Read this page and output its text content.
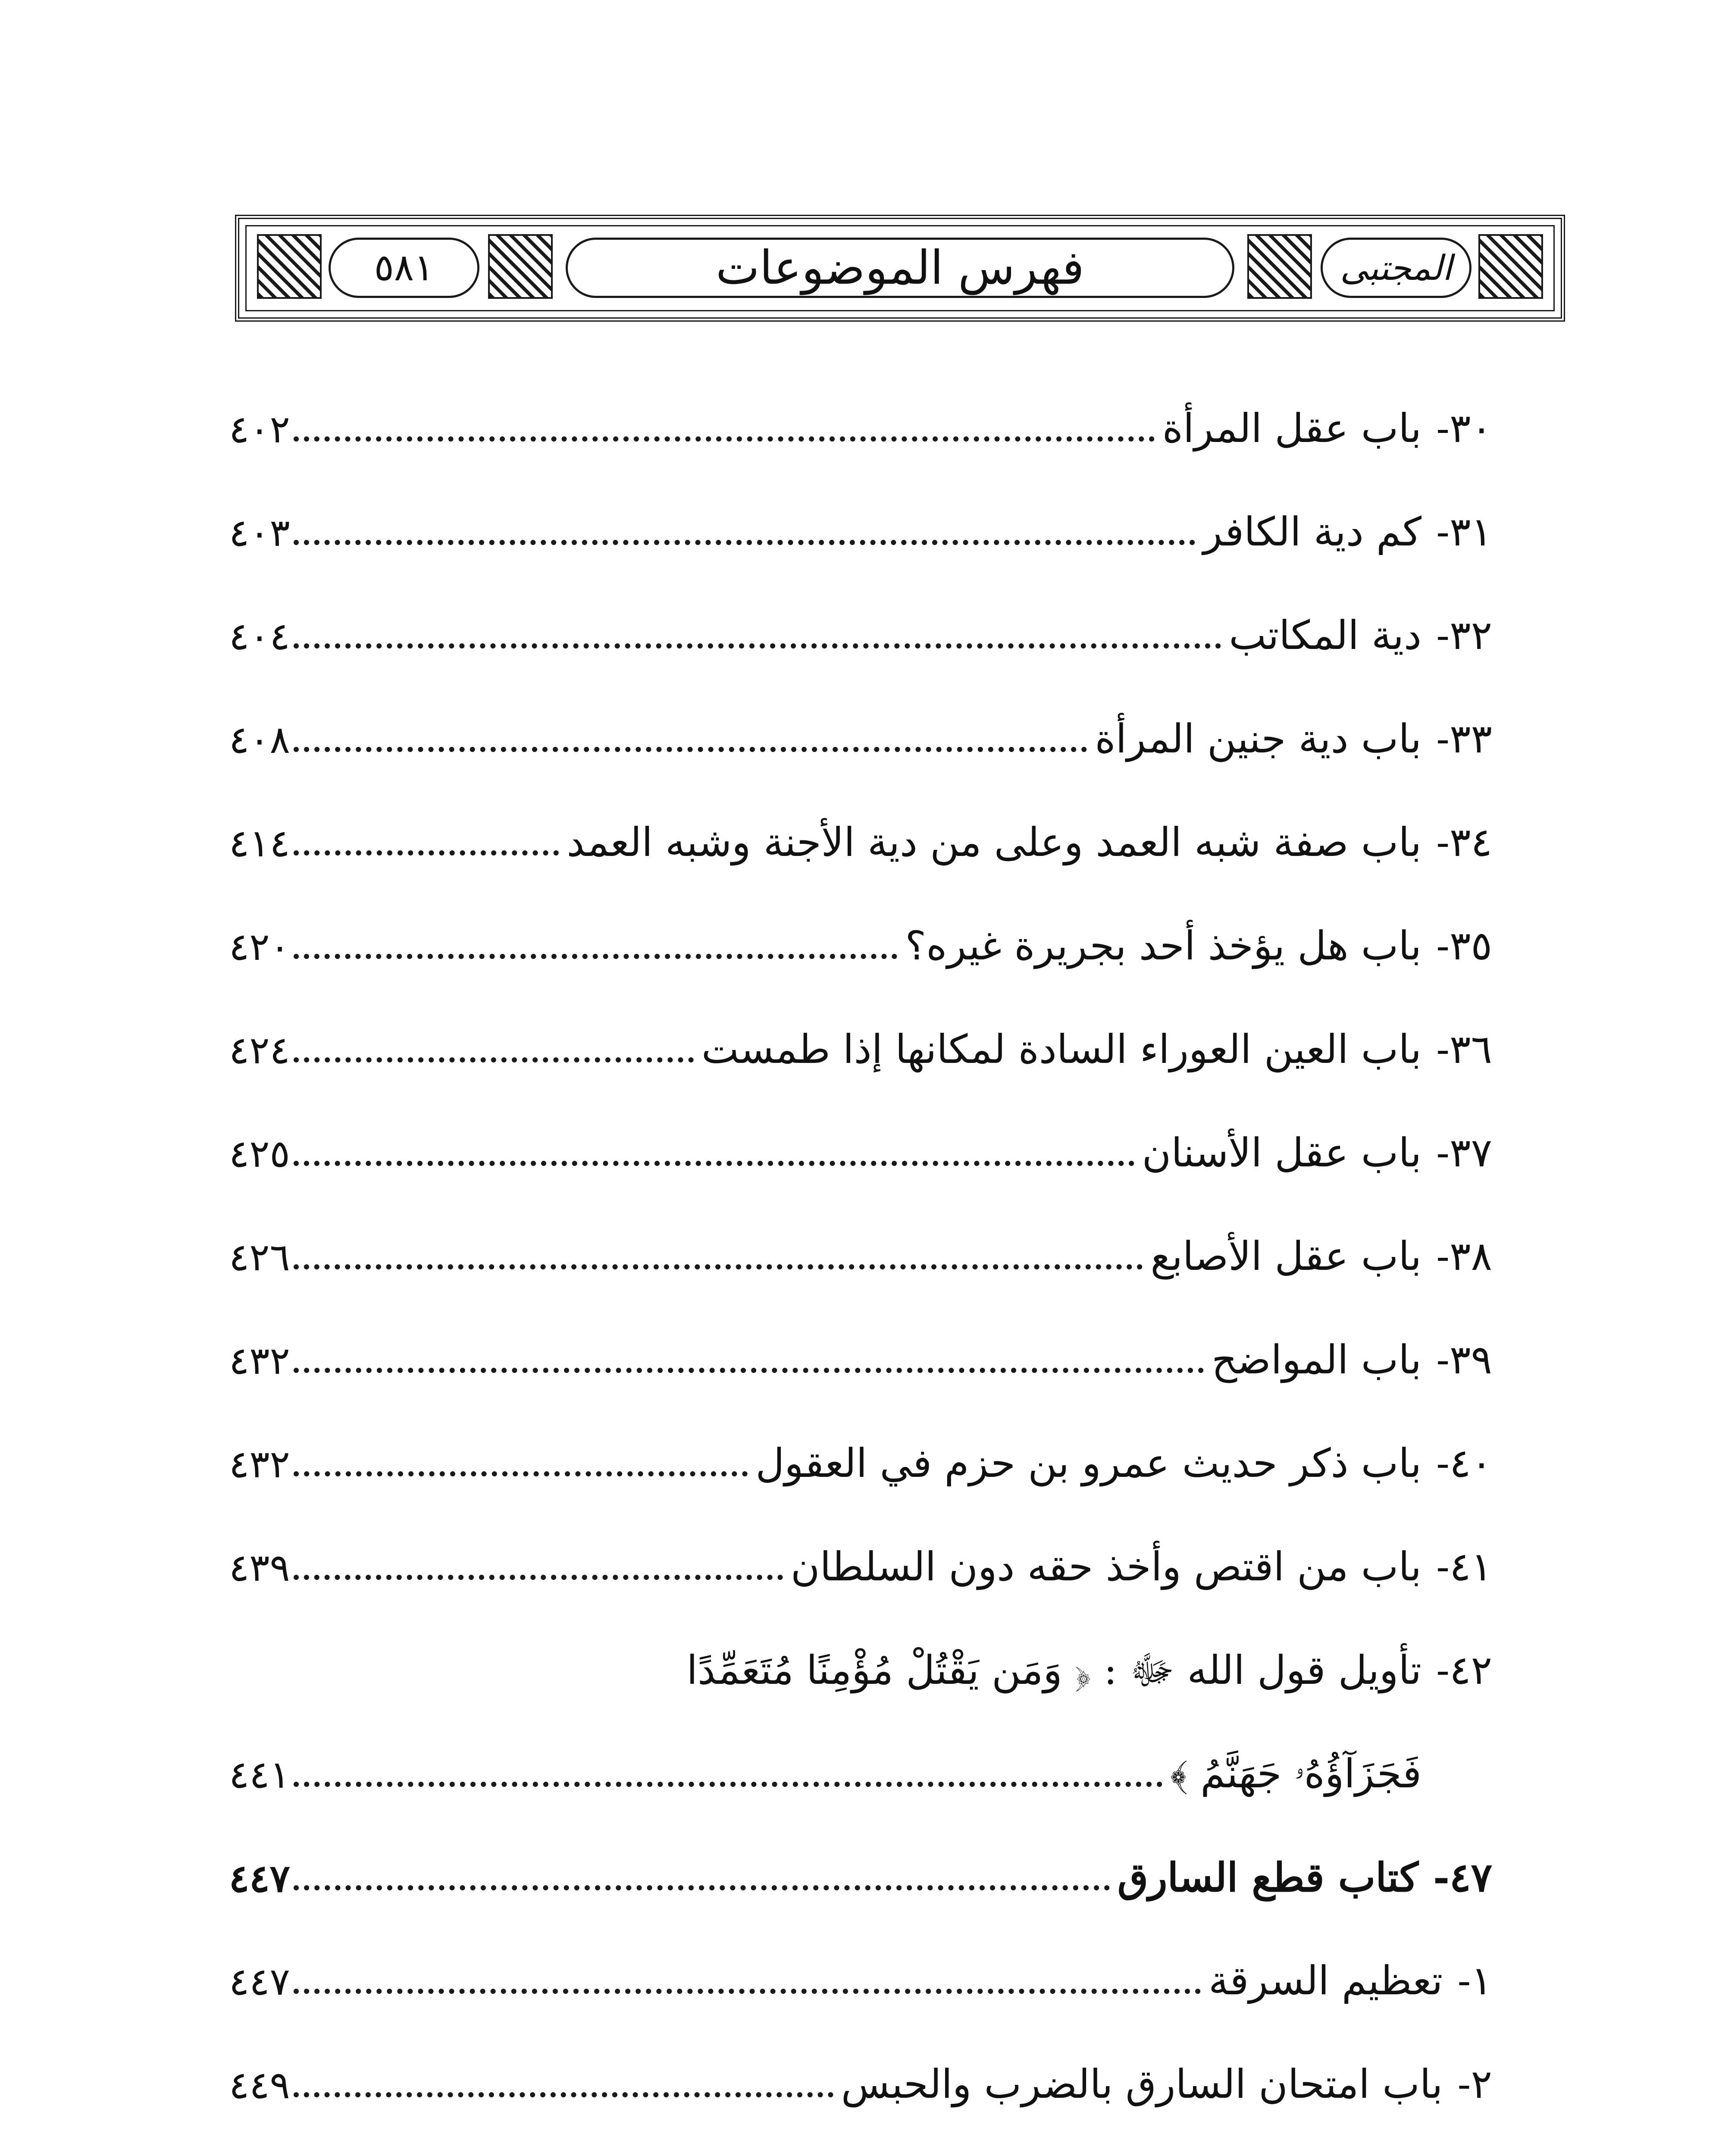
المجتبى
فهرس الموضوعات
٥٨١
٣٠-
باب عقل المرأة
٤٠٢
٣١-
كم دية الكافر
٤٠٣
٣٢-
دية المكاتب
٤٠٤
٣٣-
باب دية جنين المرأة
٤٠٨
٣٤-
باب صفة شبه العمد وعلى من دية الأجنة وشبه العمد
٤١٤
٣٥-
باب هل يؤخذ أحد بجريرة غيره؟
٤٢٠
٣٦-
باب العين العوراء السادة لمكانها إذا طمست
٤٢٤
٣٧-
باب عقل الأسنان
٤٢٥
٣٨-
باب عقل الأصابع
٤٢٦
٣٩-
باب المواضح
٤٣٢
٤٠-
باب ذكر حديث عمرو بن حزم في العقول
٤٣٢
٤١-
باب من اقتص وأخذ حقه دون السلطان
٤٣٩
٤٢-
تأويل قول الله ﷻ : ﴿ وَمَن يَقْتُلْ مُؤْمِنًا مُتَعَمِّدًا
فَجَزَآؤُهُۥ جَهَنَّمُ ﴾
٤٤١
٤٧-
كتاب قطع السارق
٤٤٧
١-
تعظيم السرقة
٤٤٧
٢-
باب امتحان السارق بالضرب والحبس
٤٤٩
